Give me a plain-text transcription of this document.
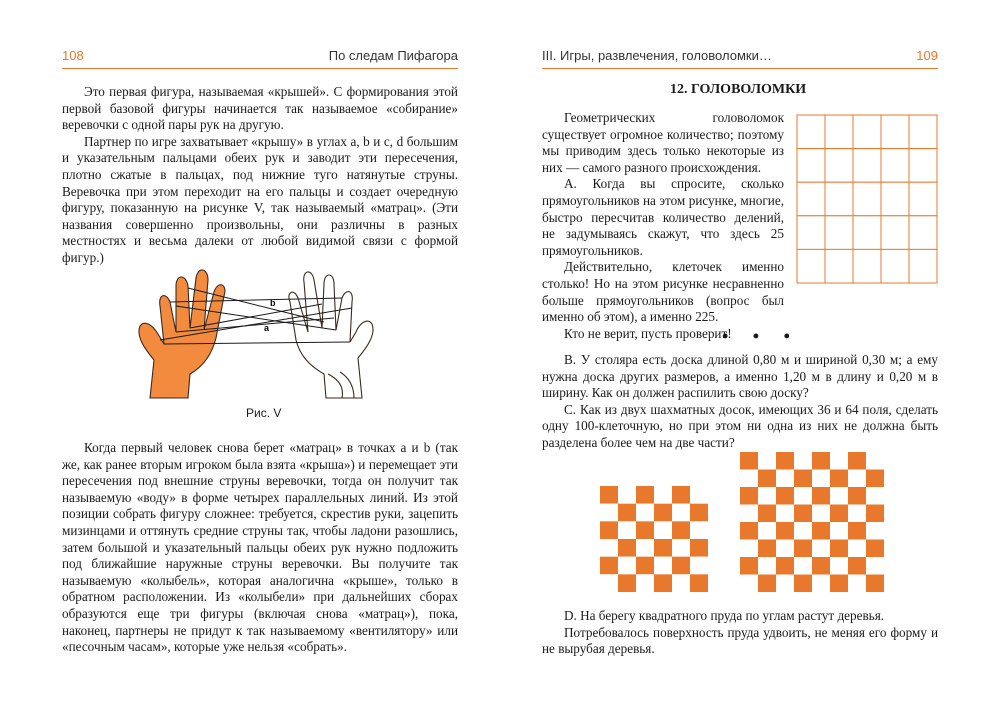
108	По следам Пифагора

Это первая фигура, называемая «крышей». С формирования этой первой базовой фигуры начинается так называемое «собирание» веревочки с одной пары рук на другую.

Партнер по игре захватывает «крышу» в углах a, b и c, d большим и указательным пальцами обеих рук и заводит эти пересечения, плотно сжатые в пальцах, под нижние туго натянутые струны. Веревочка при этом переходит на его пальцы и создает очередную фигуру, показанную на рисунке V, так называемый «матрац». (Эти названия совершенно произвольны, они различны в разных местностях и весьма далеки от любой видимой связи с формой фигур.)

b
a
Рис. V

Когда первый человек снова берет «матрац» в точках a и b (так же, как ранее вторым игроком была взята «крыша») и перемещает эти пересечения под внешние струны веревочки, тогда он получит так называемую «воду» в форме четырех параллельных линий. Из этой позиции собрать фигуру сложнее: требуется, скрестив руки, зацепить мизинцами и оттянуть средние струны так, чтобы ладони разошлись, затем большой и указательный пальцы обеих рук нужно подложить под ближайшие наружные струны веревочки. Вы получите так называемую «колыбель», которая аналогична «крыше», только в обратном расположении. Из «колыбели» при дальнейших сборах образуются еще три фигуры (включая снова «матрац»), пока, наконец, партнеры не придут к так называемому «вентилятору» или «песочным часам», которые уже нельзя «собрать».

III. Игры, развлечения, головоломки…	109
12. ГОЛОВОЛОМКИ

Геометрических головоломок существует огромное количество; поэтому мы приводим здесь только некоторые из них — самого разного происхождения.

A. Когда вы спросите, сколько прямоугольников на этом рисунке, многие, быстро пересчитав количество делений, не задумываясь скажут, что здесь 25 прямоугольников.

Действительно, клеточек именно столько! Но на этом рисунке несравненно больше прямоугольников (вопрос был именно об этом), а именно 225.

Кто не верит, пусть проверит!

• • •

B. У столяра есть доска длиной 0,80 м и шириной 0,30 м; а ему нужна доска других размеров, а именно 1,20 м в длину и 0,20 м в ширину. Как он должен распилить свою доску?

C. Как из двух шахматных досок, имеющих 36 и 64 поля, сделать одну 100-клеточную, но при этом ни одна из них не должна быть разделена более чем на две части?

D. На берегу квадратного пруда по углам растут деревья.

Потребовалось поверхность пруда удвоить, не меняя его форму и не вырубая деревья.
